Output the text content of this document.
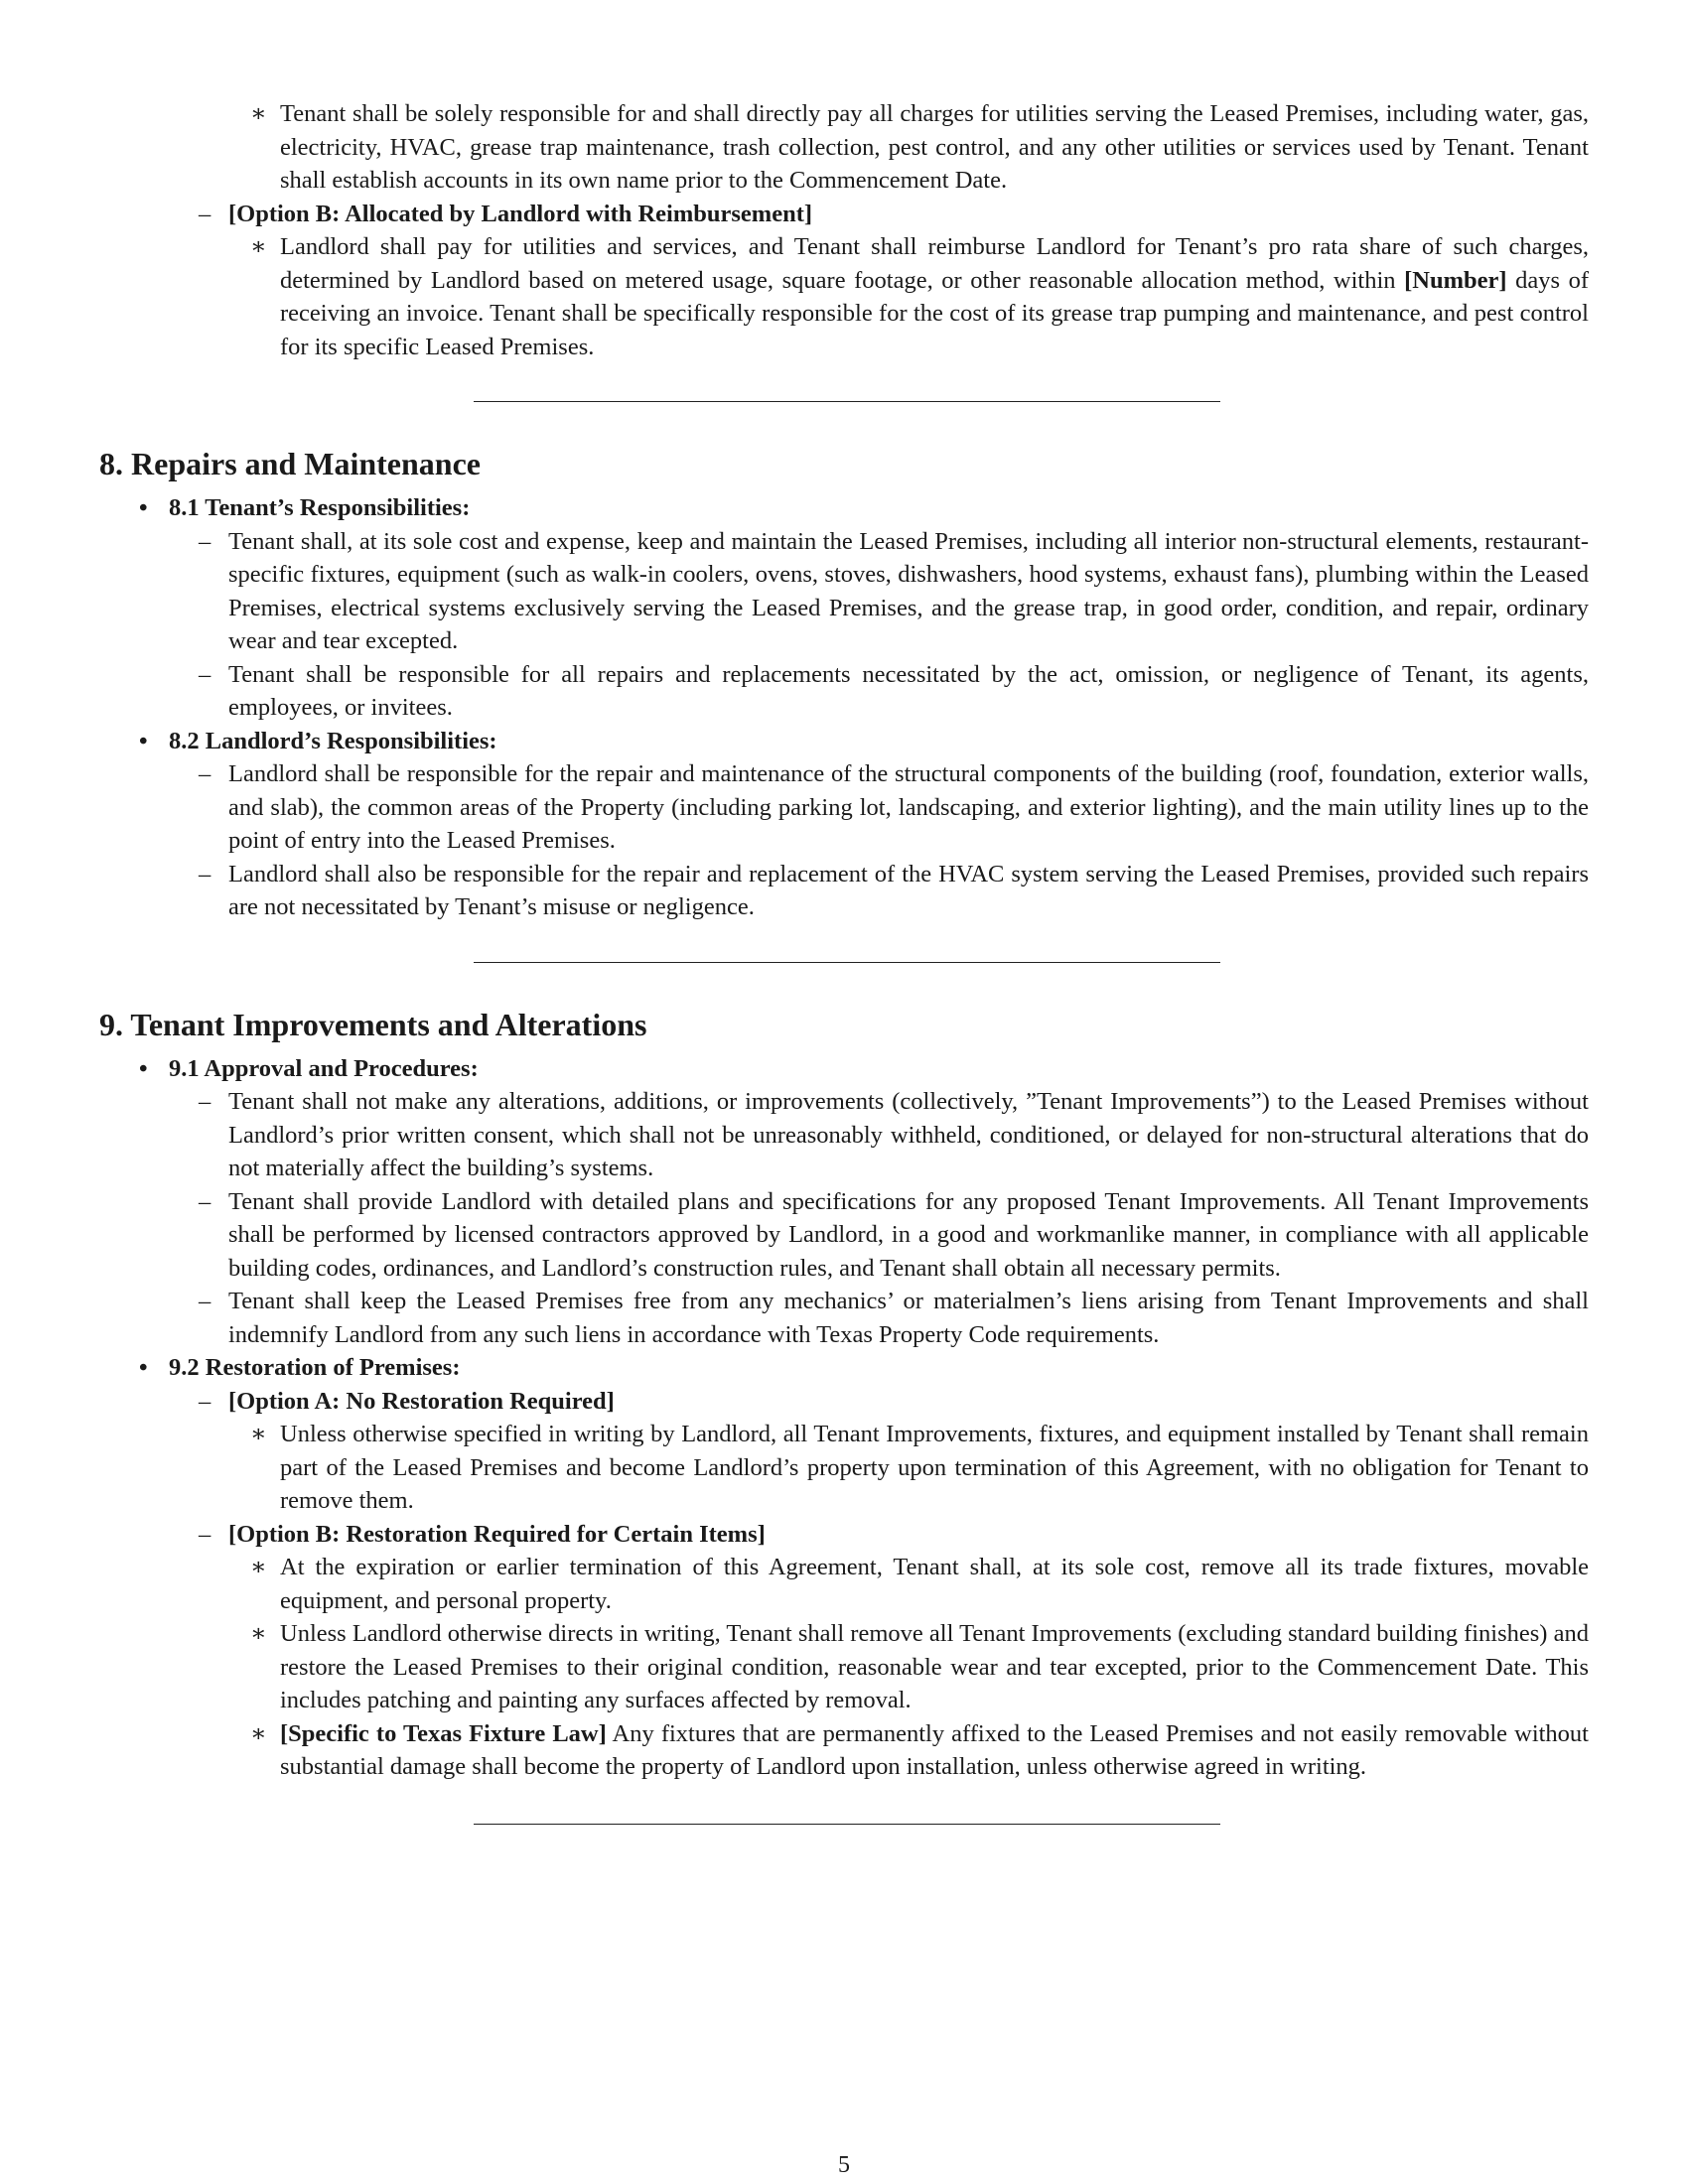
∗ Tenant shall be solely responsible for and shall directly pay all charges for utilities serving the Leased Premises, including water, gas, electricity, HVAC, grease trap maintenance, trash collection, pest control, and any other utilities or services used by Tenant. Tenant shall establish accounts in its own name prior to the Commencement Date.
– [Option B: Allocated by Landlord with Reimbursement]
∗ Landlord shall pay for utilities and services, and Tenant shall reimburse Landlord for Tenant’s pro rata share of such charges, determined by Landlord based on metered usage, square footage, or other reasonable allocation method, within [Number] days of receiving an invoice. Tenant shall be specifically responsible for the cost of its grease trap pumping and maintenance, and pest control for its specific Leased Premises.
8. Repairs and Maintenance
• 8.1 Tenant’s Responsibilities:
– Tenant shall, at its sole cost and expense, keep and maintain the Leased Premises, including all interior non-structural elements, restaurant-specific fixtures, equipment (such as walk-in coolers, ovens, stoves, dishwashers, hood systems, exhaust fans), plumbing within the Leased Premises, electrical systems exclusively serving the Leased Premises, and the grease trap, in good order, condition, and repair, ordinary wear and tear excepted.
– Tenant shall be responsible for all repairs and replacements necessitated by the act, omission, or negligence of Tenant, its agents, employees, or invitees.
• 8.2 Landlord’s Responsibilities:
– Landlord shall be responsible for the repair and maintenance of the structural components of the building (roof, foundation, exterior walls, and slab), the common areas of the Property (including parking lot, landscaping, and exterior lighting), and the main utility lines up to the point of entry into the Leased Premises.
– Landlord shall also be responsible for the repair and replacement of the HVAC system serving the Leased Premises, provided such repairs are not necessitated by Tenant’s misuse or negligence.
9. Tenant Improvements and Alterations
• 9.1 Approval and Procedures:
– Tenant shall not make any alterations, additions, or improvements (collectively, ”Tenant Improvements”) to the Leased Premises without Landlord’s prior written consent, which shall not be unreasonably withheld, conditioned, or delayed for non-structural alterations that do not materially affect the building’s systems.
– Tenant shall provide Landlord with detailed plans and specifications for any proposed Tenant Improvements. All Tenant Improvements shall be performed by licensed contractors approved by Landlord, in a good and workmanlike manner, in compliance with all applicable building codes, ordinances, and Landlord’s construction rules, and Tenant shall obtain all necessary permits.
– Tenant shall keep the Leased Premises free from any mechanics’ or materialmen’s liens arising from Tenant Improvements and shall indemnify Landlord from any such liens in accordance with Texas Property Code requirements.
• 9.2 Restoration of Premises:
– [Option A: No Restoration Required]
∗ Unless otherwise specified in writing by Landlord, all Tenant Improvements, fixtures, and equipment installed by Tenant shall remain part of the Leased Premises and become Landlord’s property upon termination of this Agreement, with no obligation for Tenant to remove them.
– [Option B: Restoration Required for Certain Items]
∗ At the expiration or earlier termination of this Agreement, Tenant shall, at its sole cost, remove all its trade fixtures, movable equipment, and personal property.
∗ Unless Landlord otherwise directs in writing, Tenant shall remove all Tenant Improvements (excluding standard building finishes) and restore the Leased Premises to their original condition, reasonable wear and tear excepted, prior to the Commencement Date. This includes patching and painting any surfaces affected by removal.
∗ [Specific to Texas Fixture Law] Any fixtures that are permanently affixed to the Leased Premises and not easily removable without substantial damage shall become the property of Landlord upon installation, unless otherwise agreed in writing.
5
